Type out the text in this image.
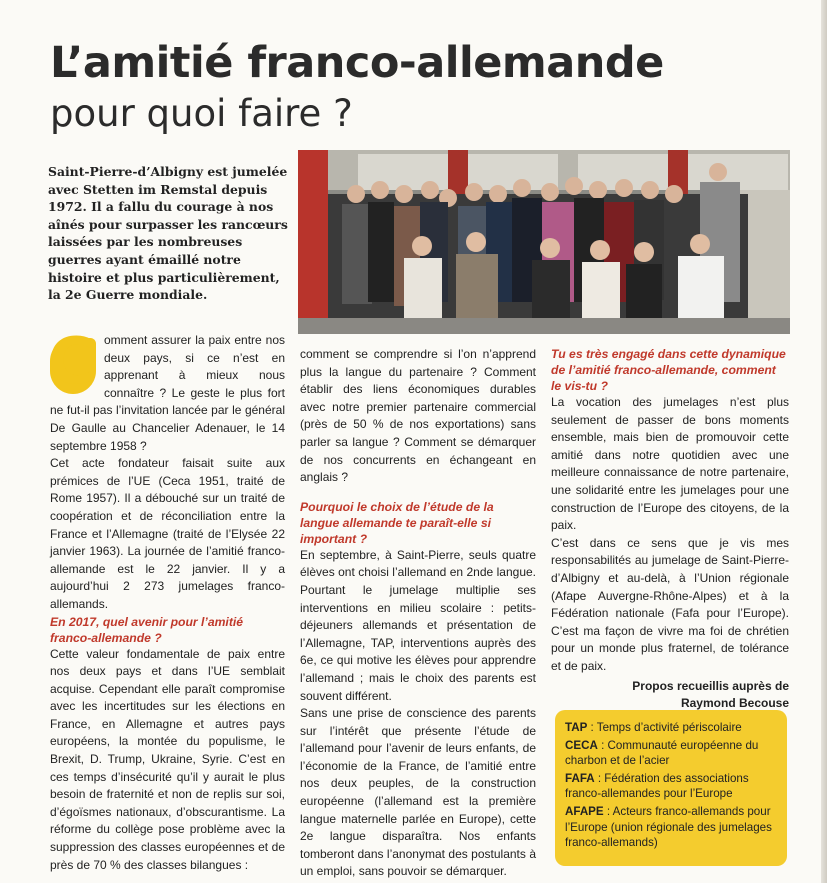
L’amitié franco-allemande
pour quoi faire ?
Saint-Pierre-d’Albigny est jumelée avec Stetten im Remstal depuis 1972. Il a fallu du courage à nos aînés pour surpasser les rancœurs laissées par les nombreuses guerres ayant émaillé notre histoire et plus particulièrement, la 2e Guerre mondiale.
C omment assurer la paix entre nos deux pays, si ce n’est en apprenant à mieux nous connaître ? Le geste le plus fort ne fut-il pas l’invitation lancée par le général De Gaulle au Chancelier Adenauer, le 14 septembre 1958 ?

Cet acte fondateur faisait suite aux prémices de l’UE (Ceca 1951, traité de Rome 1957). Il a débouché sur un traité de coopération et de réconciliation entre la France et l’Allemagne (traité de l’Elysée 22 janvier 1963). La journée de l’amitié franco-allemande est le 22 janvier. Il y a aujourd’hui 2 273 jumelages franco-allemands.

En 2017, quel avenir pour l’amitié franco-allemande ?

Cette valeur fondamentale de paix entre nos deux pays et dans l’UE semblait acquise. Cependant elle paraît compromise avec les incertitudes sur les élections en France, en Allemagne et autres pays européens, la montée du populisme, le Brexit, D. Trump, Ukraine, Syrie. C’est en ces temps d’insécurité qu’il y aurait le plus besoin de fraternité et non de replis sur soi, d’égoïsmes nationaux, d’obscurantisme. La réforme du collège pose problème avec la suppression des classes européennes et de près de 70 % des classes bilangues :

comment se comprendre si l’on n’apprend plus la langue du partenaire ? Comment établir des liens économiques durables avec notre premier partenaire commercial (près de 50 % de nos exportations) sans parler sa langue ? Comment se démarquer de nos concurrents en échangeant en anglais ?

Pourquoi le choix de l’étude de la langue allemande te paraît-elle si important ?

En septembre, à Saint-Pierre, seuls quatre élèves ont choisi l’allemand en 2nde langue. Pourtant le jumelage multiplie ses interventions en milieu scolaire : petits-déjeuners allemands et présentation de l’Allemagne, TAP, interventions auprès des 6e, ce qui motive les élèves pour apprendre l’allemand ; mais le choix des parents est souvent différent.

Sans une prise de conscience des parents sur l’intérêt que présente l’étude de l’allemand pour l’avenir de leurs enfants, de l’économie de la France, de l’amitié entre nos deux peuples, de la construction européenne (l’allemand est la première langue maternelle parlée en Europe), cette 2e langue disparaîtra. Nos enfants tomberont dans l’anonymat des postulants à un emploi, sans pouvoir se démarquer.

Tu es très engagé dans cette dynamique de l’amitié franco-allemande, comment le vis-tu ?

La vocation des jumelages n’est plus seulement de passer de bons moments ensemble, mais bien de promouvoir cette amitié dans notre quotidien avec une meilleure connaissance de notre partenaire, une solidarité entre les jumelages pour une construction de l’Europe des citoyens, de la paix.

C’est dans ce sens que je vis mes responsabilités au jumelage de Saint-Pierre-d’Albigny et au-delà, à l’Union régionale (Afape Auvergne-Rhône-Alpes) et à la Fédération nationale (Fafa pour l’Europe). C’est ma façon de vivre ma foi de chrétien pour un monde plus fraternel, de tolérance et de paix.

Propos recueillis auprès de
Raymond Becouse
TAP : Temps d’activité périscolaire
CECA : Communauté européenne du charbon et de l’acier
FAFA : Fédération des associations franco-allemandes pour l’Europe
AFAPE : Acteurs franco-allemands pour l’Europe (union régionale des jumelages franco-allemands)
